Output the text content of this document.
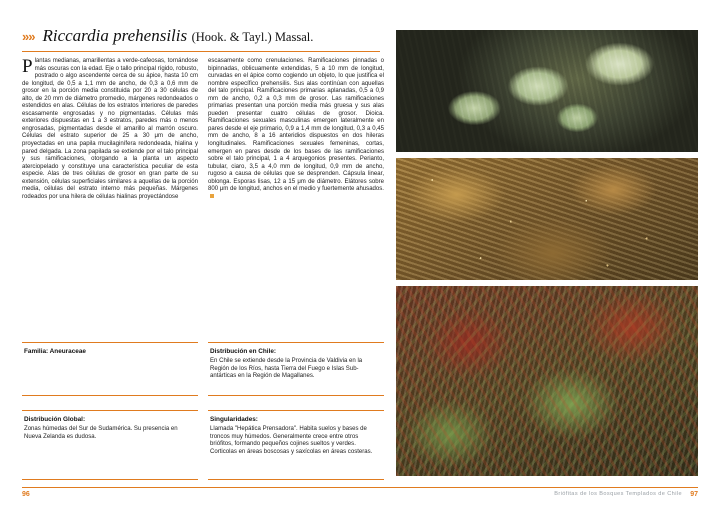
»» Riccardia prehensilis (Hook. & Tayl.) Massal.

Plantas medianas, amarillentas a verde-cafeosas, tornándose más oscuras con la edad. Eje o tallo principal rígido, robusto, postrado o algo ascendente cerca de su ápice, hasta 10 cm de longitud, de 0,5 a 1,1 mm de ancho, de 0,3 a 0,6 mm de grosor en la porción media constituida por 20 a 30 células de alto, de 20 mm de diámetro promedio, márgenes redondeados o estendidos en alas. Células de los estratos interiores de paredes escasamente engrosadas y no pigmentadas. Células más exteriores dispuestas en 1 a 3 estratos, paredes más o menos engrosadas, pigmentadas desde el amarillo al marrón oscuro. Células del estrato superior de 25 a 30 μm de ancho, proyectadas en una papila mucilaginífera redondeada, hialina y pared delgada. La zona papilada se extiende por el talo principal y sus ramificaciones, otorgando a la planta un aspecto aterciopelado y constituye una característica peculiar de esta especie. Alas de tres células de grosor en gran parte de su extensión, células superficiales similares a aquellas de la porción media, células del estrato interno más pequeñas. Márgenes rodeados por una hilera de células hialinas proyectándose

escasamente como crenulaciones. Ramificaciones pinnadas o bipinnadas, oblicuamente extendidas, 5 a 10 mm de longitud, curvadas en el ápice como cogiendo un objeto, lo que justifica el nombre específico prehensilis. Sus alas contínúan con aquellas del talo principal. Ramificaciones primarias aplanadas, 0,5 a 0,9 mm de ancho, 0,2 a 0,3 mm de grosor. Las ramificaciones primarias presentan una porción media más gruesa y sus alas pueden presentar cuatro células de grosor. Dioica. Ramificaciones sexuales masculinas emergen lateralmente en pares desde el eje primario, 0,9 a 1,4 mm de longitud, 0,3 a 0,45 mm de ancho, 8 a 16 anteridios dispuestos en dos hileras longitudinales. Ramificaciones sexuales femeninas, cortas, emergen en pares desde de los bases de las ramificaciones sobre el talo principal, 1 a 4 arquegonios presentes. Perianto, tubular, ciaro, 3,5 a 4,0 mm de longitud, 0,9 mm de ancho, rugoso a causa de células que se desprenden. Cápsula linear, oblonga. Esporas lisas, 12 a 15 μm de diámetro. Elátores sobre 800 μm de longitud, anchos en el medio y fuertemente ahusados.

Familia: Aneuraceae	Distribución en Chile:
En Chile se extiende desde la Provincia de Valdivia en la Región de los Ríos, hasta Tierra del Fuego e Islas Sub-antárticas en la Región de Magallanes.
Distribución Global:
Zonas húmedas del Sur de Sudamérica. Su presencia en Nueva Zelanda es dudosa.
Singularidades:
Llamada "Hepática Prensadora". Habita suelos y bases de troncos muy húmedos. Generalmente crece entre otros briófitos, formando pequeños cojines sueltos y verdes. Corticolas en áreas boscosas y saxícolas en áreas costeras.
96	Briófitas de los Bosques Templados de Chile 97
